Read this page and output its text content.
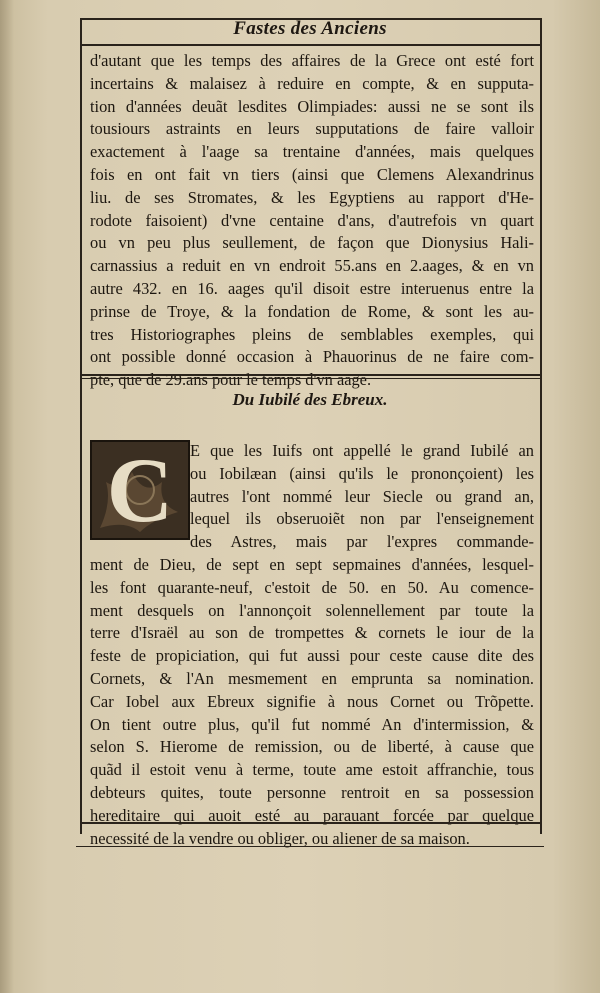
Fastes des Anciens
d'autant que les temps des affaires de la Grece ont esté fort
incertains & malaisez à reduire en compte, & en supputa-
tion d'années deuãt lesdites Olimpiades: aussi ne se sont ils
tousiours astraints en leurs supputations de faire valloir
exactement à l'aage sa trentaine d'années, mais quelques
fois en ont fait vn tiers (ainsi que Clemens Alexandrinus
liu. de ses Stromates, & les Egyptiens au rapport d'He-
rodote faisoient) d'vne centaine d'ans, d'autrefois vn quart
ou vn peu plus seullement, de façon que Dionysius Hali-
carnassius a reduit en vn endroit 55.ans en 2.aages, & en vn
autre 432. en 16. aages qu'il disoit estre interuenus entre la
prinse de Troye, & la fondation de Rome, & sont les au-
tres Historiographes pleins de semblables exemples, qui
ont possible donné occasion à Phauorinus de ne faire com-
pte, que de 29.ans pour le temps d'vn aage.
Du Iubilé des Ebreux.
C	E que les Iuifs ont appellé le grand Iubilé an
ou Iobilæan (ainsi qu'ils le prononçoient) les
autres l'ont nommé leur Siecle ou grand an,
lequel ils obseruoiẽt non par l'enseignement
des Astres, mais par l'expres commande-
ment de Dieu, de sept en sept sepmaines d'années, lesquel-
les font quarante-neuf, c'estoit de 50. en 50. Au comence-
ment desquels on l'annonçoit solennellement par toute la
terre d'Israël au son de trompettes & cornets le iour de la
feste de propiciation, qui fut aussi pour ceste cause dite des
Cornets, & l'An mesmement en emprunta sa nomination.
Car Iobel aux Ebreux signifie à nous Cornet ou Trõpette.
On tient outre plus, qu'il fut nommé An d'intermission, &
selon S. Hierome de remission, ou de liberté, à cause que
quãd il estoit venu à terme, toute ame estoit affranchie, tous
debteurs quites, toute personne rentroit en sa possession
hereditaire qui auoit esté au parauant forcée par quelque
necessité de la vendre ou obliger, ou aliener de sa maison.
